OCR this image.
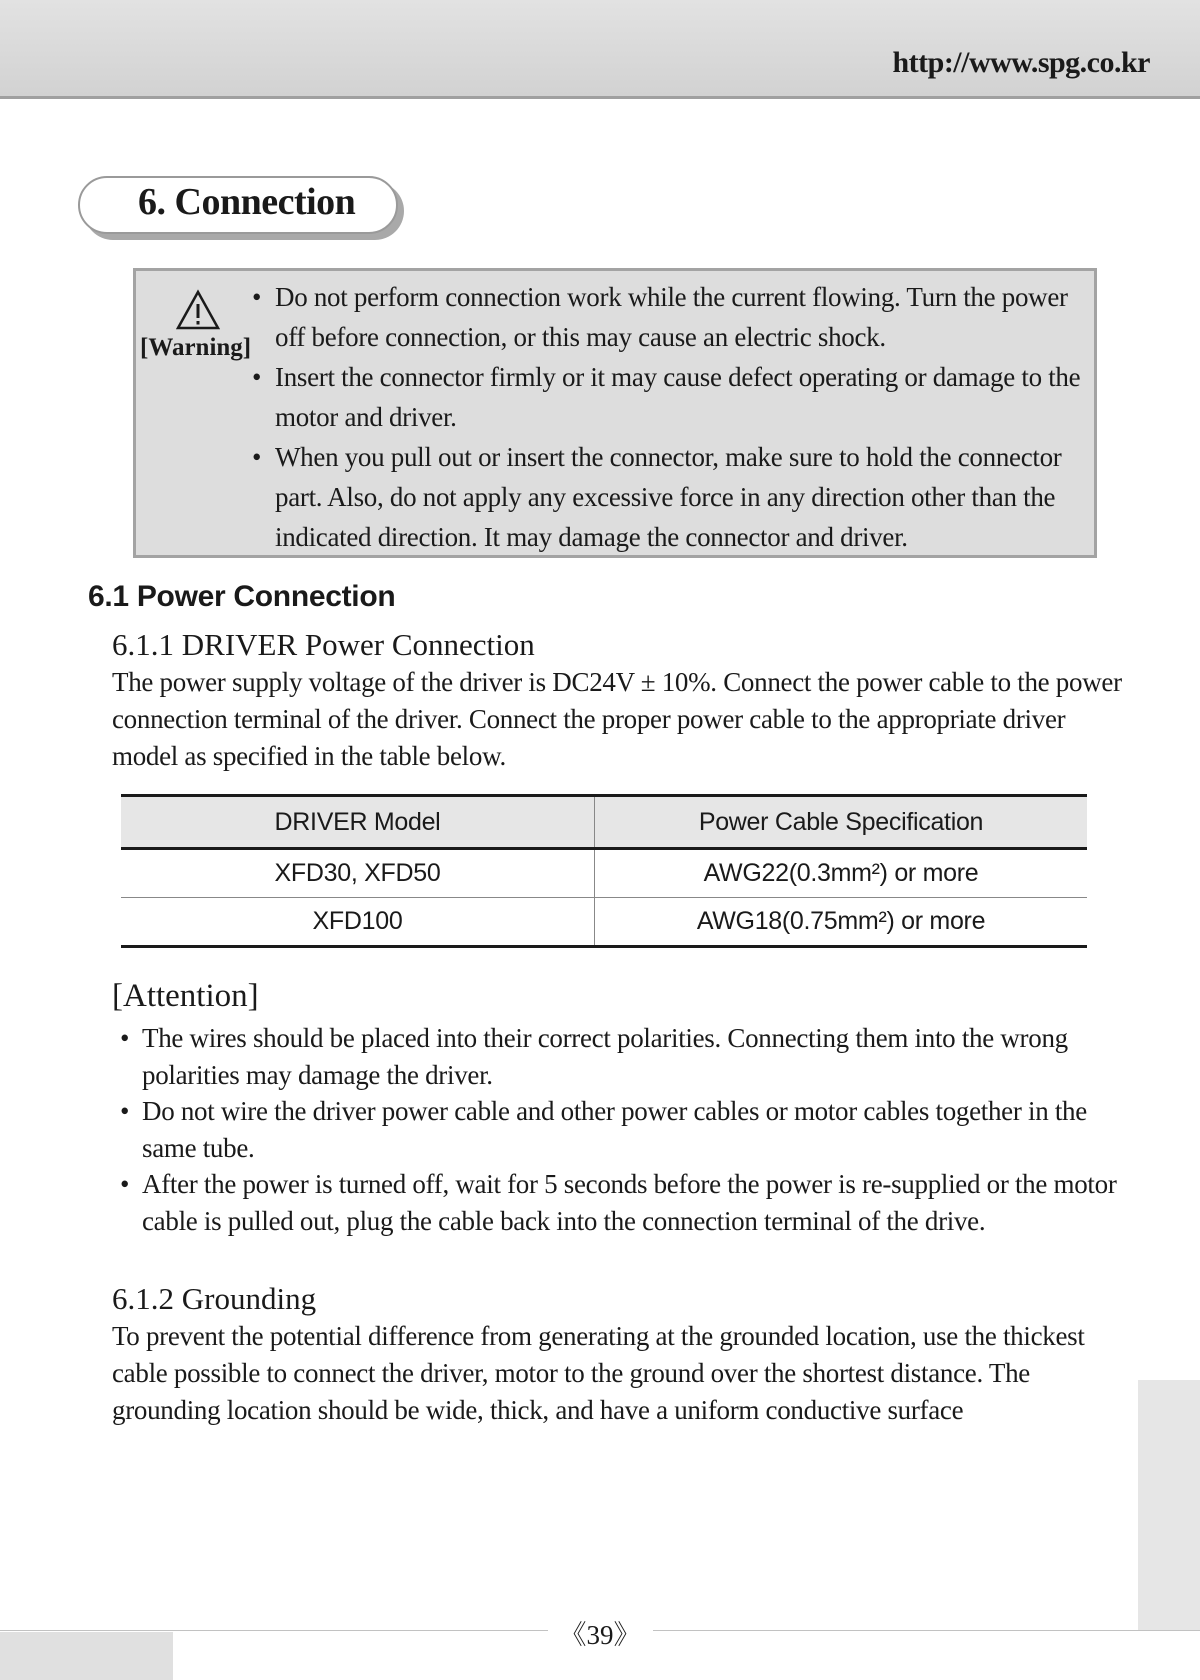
http://www.spg.co.kr
6. Connection
[Warning]
• Do not perform connection work while the current flowing. Turn the power off before connection, or this may cause an electric shock.
• Insert the connector firmly or it may cause defect operating or damage to the motor and driver.
• When you pull out or insert the connector, make sure to hold the connector part. Also, do not apply any excessive force in any direction other than the indicated direction. It may damage the connector and driver.
6.1 Power Connection
6.1.1 DRIVER Power Connection

The power supply voltage of the driver is DC24V ± 10%. Connect the power cable to the power connection terminal of the driver. Connect the proper power cable to the appropriate driver model as specified in the table below.

DRIVER Model	Power Cable Specification
XFD30, XFD50	AWG22(0.3mm²) or more
XFD100	AWG18(0.75mm²) or more
[Attention]
• The wires should be placed into their correct polarities. Connecting them into the wrong polarities may damage the driver.
• Do not wire the driver power cable and other power cables or motor cables together in the same tube.
• After the power is turned off, wait for 5 seconds before the power is re-supplied or the motor cable is pulled out, plug the cable back into the connection terminal of the drive.
6.1.2 Grounding

To prevent the potential difference from generating at the grounded location, use the thickest cable possible to connect the driver, motor to the ground over the shortest distance. The grounding location should be wide, thick, and have a uniform conductive surface

《39》
